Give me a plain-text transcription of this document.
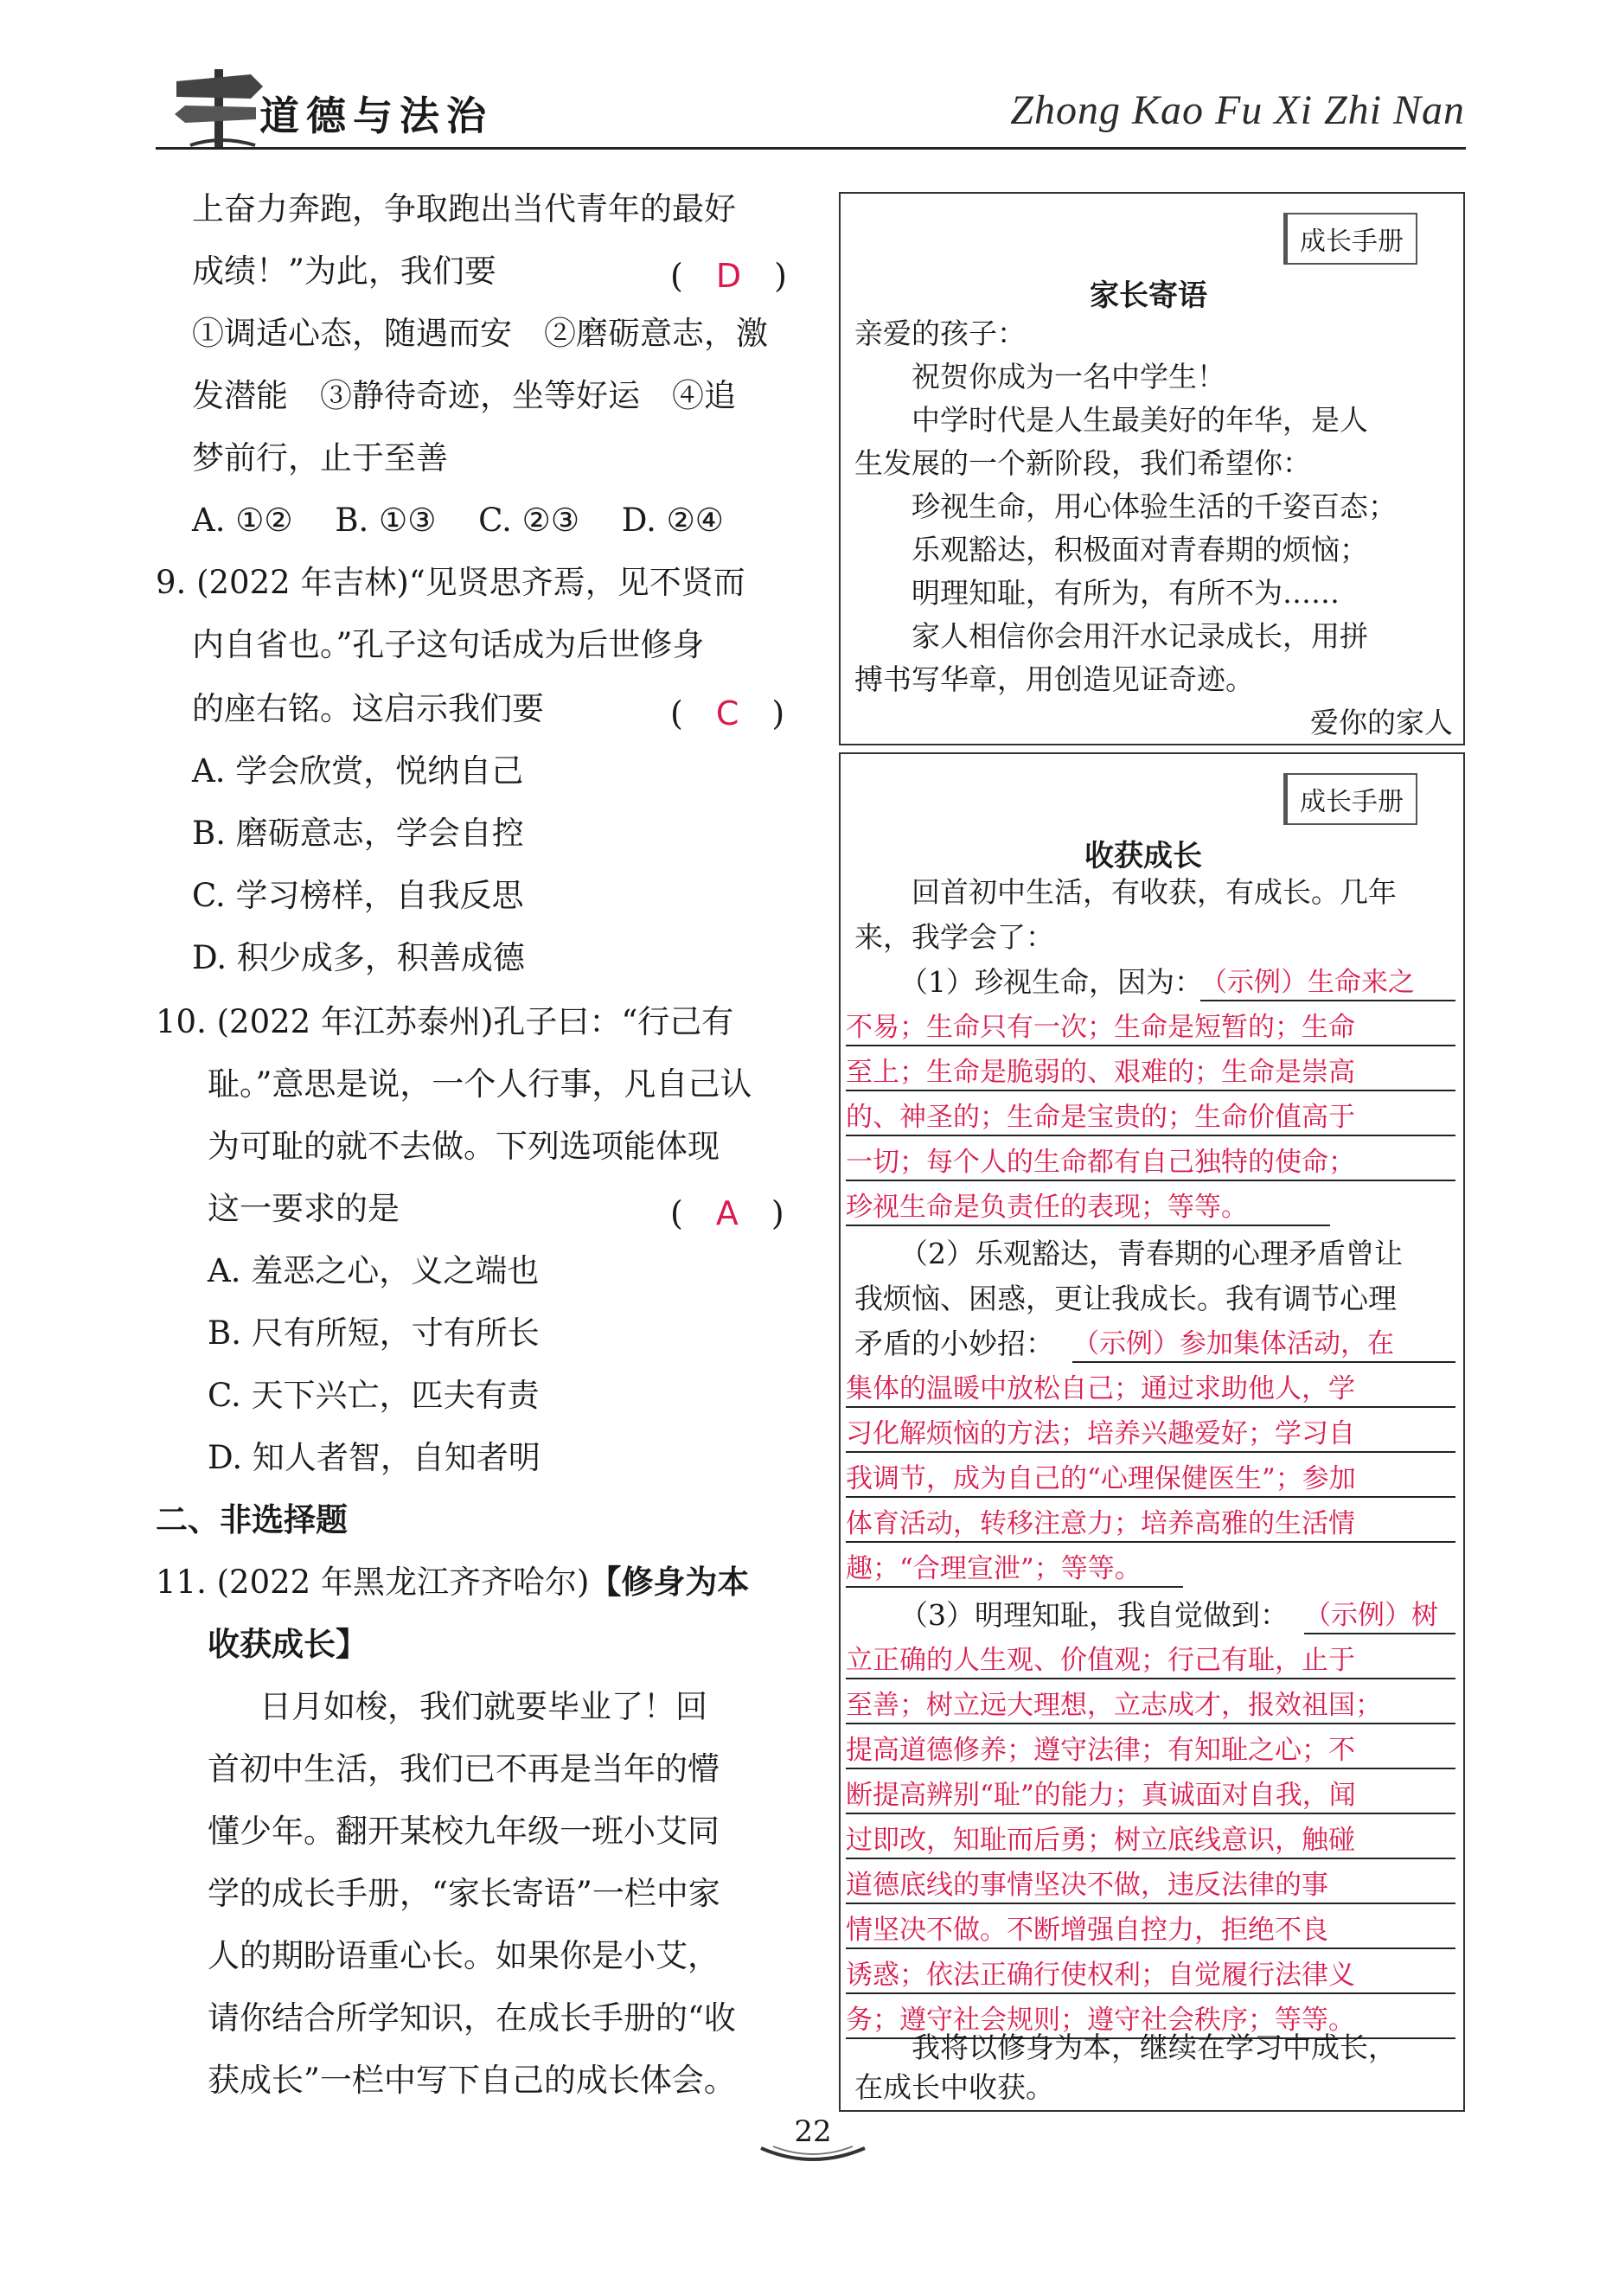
道德与法治	Zhong Kao Fu Xi Zhi Nan
上奋力奔跑，争取跑出当代青年的最好
成绩！”为此，我们要	(　D　)
①调适心态，随遇而安　②磨砺意志，激
发潜能　③静待奇迹，坐等好运　④追
梦前行，止于至善
A. ①②　 B. ①③　 C. ②③　 D. ②④
9. (2022 年吉林)“见贤思齐焉，见不贤而
内自省也。”孔子这句话成为后世修身
的座右铭。这启示我们要	(　C　)
A. 学会欣赏，悦纳自己
B. 磨砺意志，学会自控
C. 学习榜样，自我反思
D. 积少成多，积善成德
10. (2022 年江苏泰州)孔子曰：“行己有
耻。”意思是说，一个人行事，凡自己认
为可耻的就不去做。下列选项能体现
这一要求的是	(　A　)
A. 羞恶之心，义之端也
B. 尺有所短，寸有所长
C. 天下兴亡，匹夫有责
D. 知人者智，自知者明
二、非选择题
11. (2022 年黑龙江齐齐哈尔)【修身为本
收获成长】
日月如梭，我们就要毕业了！回
首初中生活，我们已不再是当年的懵
懂少年。翻开某校九年级一班小艾同
学的成长手册，“家长寄语”一栏中家
人的期盼语重心长。如果你是小艾，
请你结合所学知识，在成长手册的“收
获成长”一栏中写下自己的成长体会。
成长手册
家长寄语
亲爱的孩子：
　　祝贺你成为一名中学生！
　　中学时代是人生最美好的年华，是人
生发展的一个新阶段，我们希望你：
　　珍视生命，用心体验生活的千姿百态；
　　乐观豁达，积极面对青春期的烦恼；
　　明理知耻，有所为，有所不为……
　　家人相信你会用汗水记录成长，用拼
搏书写华章，用创造见证奇迹。
爱你的家人
成长手册
收获成长
　　回首初中生活，有收获，有成长。几年
来，我学会了：
（1）珍视生命，因为：
（示例）生命来之
不易；生命只有一次；生命是短暂的；生命
至上；生命是脆弱的、艰难的；生命是崇高
的、神圣的；生命是宝贵的；生命价值高于
一切；每个人的生命都有自己独特的使命；
珍视生命是负责任的表现；等等。
（2）乐观豁达，青春期的心理矛盾曾让
我烦恼、困惑，更让我成长。我有调节心理
矛盾的小妙招： （示例）参加集体活动，在
集体的温暖中放松自己；通过求助他人，学
习化解烦恼的方法；培养兴趣爱好；学习自
我调节，成为自己的“心理保健医生”；参加
体育活动，转移注意力；培养高雅的生活情
趣；“合理宣泄”；等等。
（3）明理知耻，我自觉做到： （示例）树
立正确的人生观、价值观；行己有耻，止于
至善；树立远大理想，立志成才，报效祖国；
提高道德修养；遵守法律；有知耻之心；不
断提高辨别“耻”的能力；真诚面对自我，闻
过即改，知耻而后勇；树立底线意识，触碰
道德底线的事情坚决不做，违反法律的事
情坚决不做。不断增强自控力，拒绝不良
诱惑；依法正确行使权利；自觉履行法律义
务；遵守社会规则；遵守社会秩序；等等。
　　我将以修身为本，继续在学习中成长，
在成长中收获。
22
